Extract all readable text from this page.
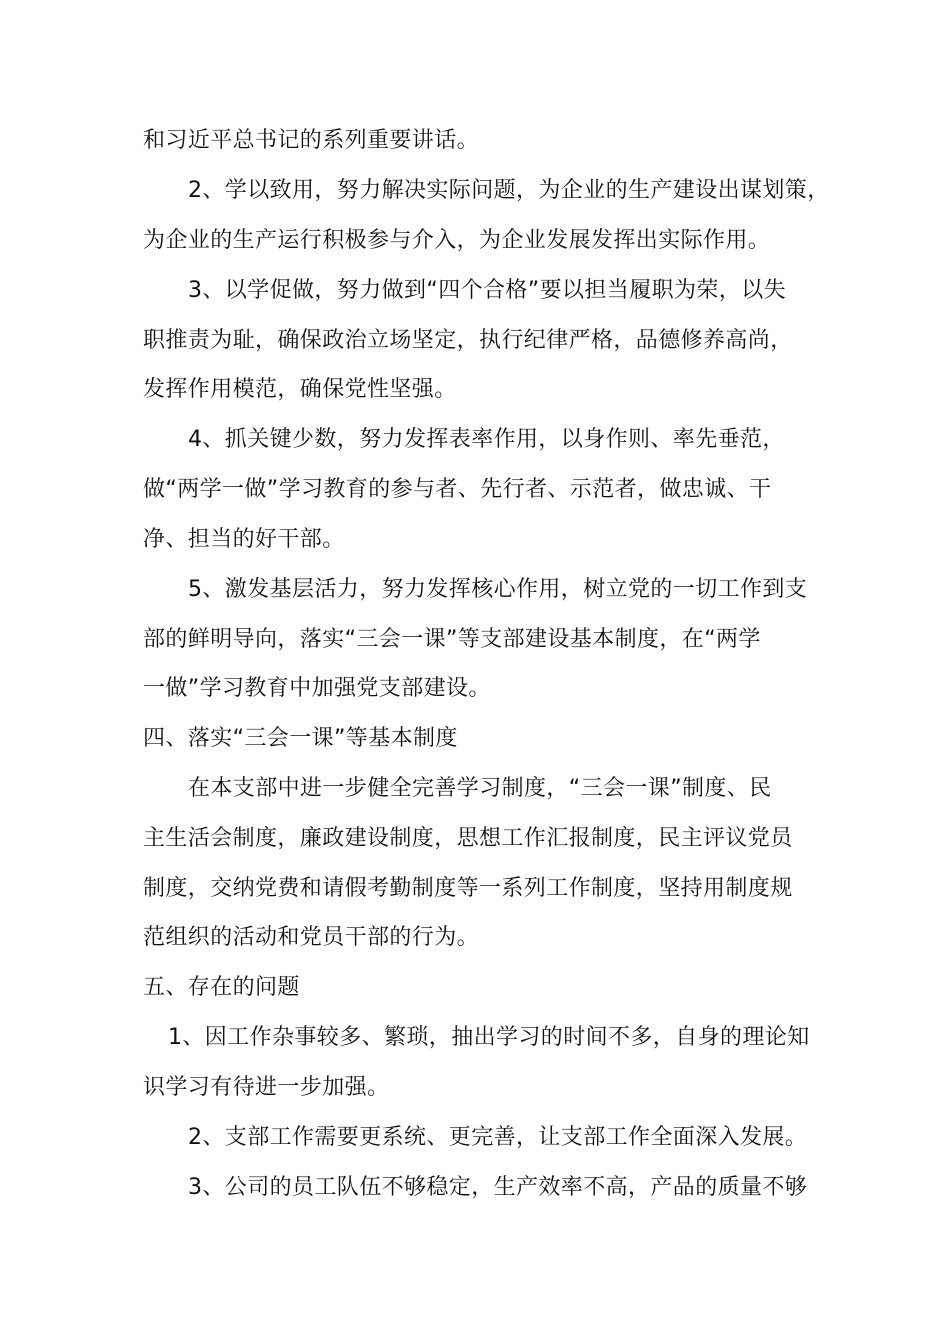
和习近平总书记的系列重要讲话。
2、学以致用，努力解决实际问题，为企业的生产建设出谋划策，
为企业的生产运行积极参与介入，为企业发展发挥出实际作用。
3、以学促做，努力做到“四个合格”要以担当履职为荣，以失
职推责为耻，确保政治立场坚定，执行纪律严格，品德修养高尚，
发挥作用模范，确保党性坚强。
4、抓关键少数，努力发挥表率作用，以身作则、率先垂范，
做“两学一做”学习教育的参与者、先行者、示范者，做忠诚、干
净、担当的好干部。
5、激发基层活力，努力发挥核心作用，树立党的一切工作到支
部的鲜明导向，落实“三会一课”等支部建设基本制度，在“两学
一做”学习教育中加强党支部建设。
四、落实“三会一课”等基本制度
在本支部中进一步健全完善学习制度，“三会一课”制度、民
主生活会制度，廉政建设制度，思想工作汇报制度，民主评议党员
制度，交纳党费和请假考勤制度等一系列工作制度，坚持用制度规
范组织的活动和党员干部的行为。
五、存在的问题
1、因工作杂事较多、繁琐，抽出学习的时间不多，自身的理论知
识学习有待进一步加强。
2、支部工作需要更系统、更完善，让支部工作全面深入发展。
3、公司的员工队伍不够稳定，生产效率不高，产品的质量不够
